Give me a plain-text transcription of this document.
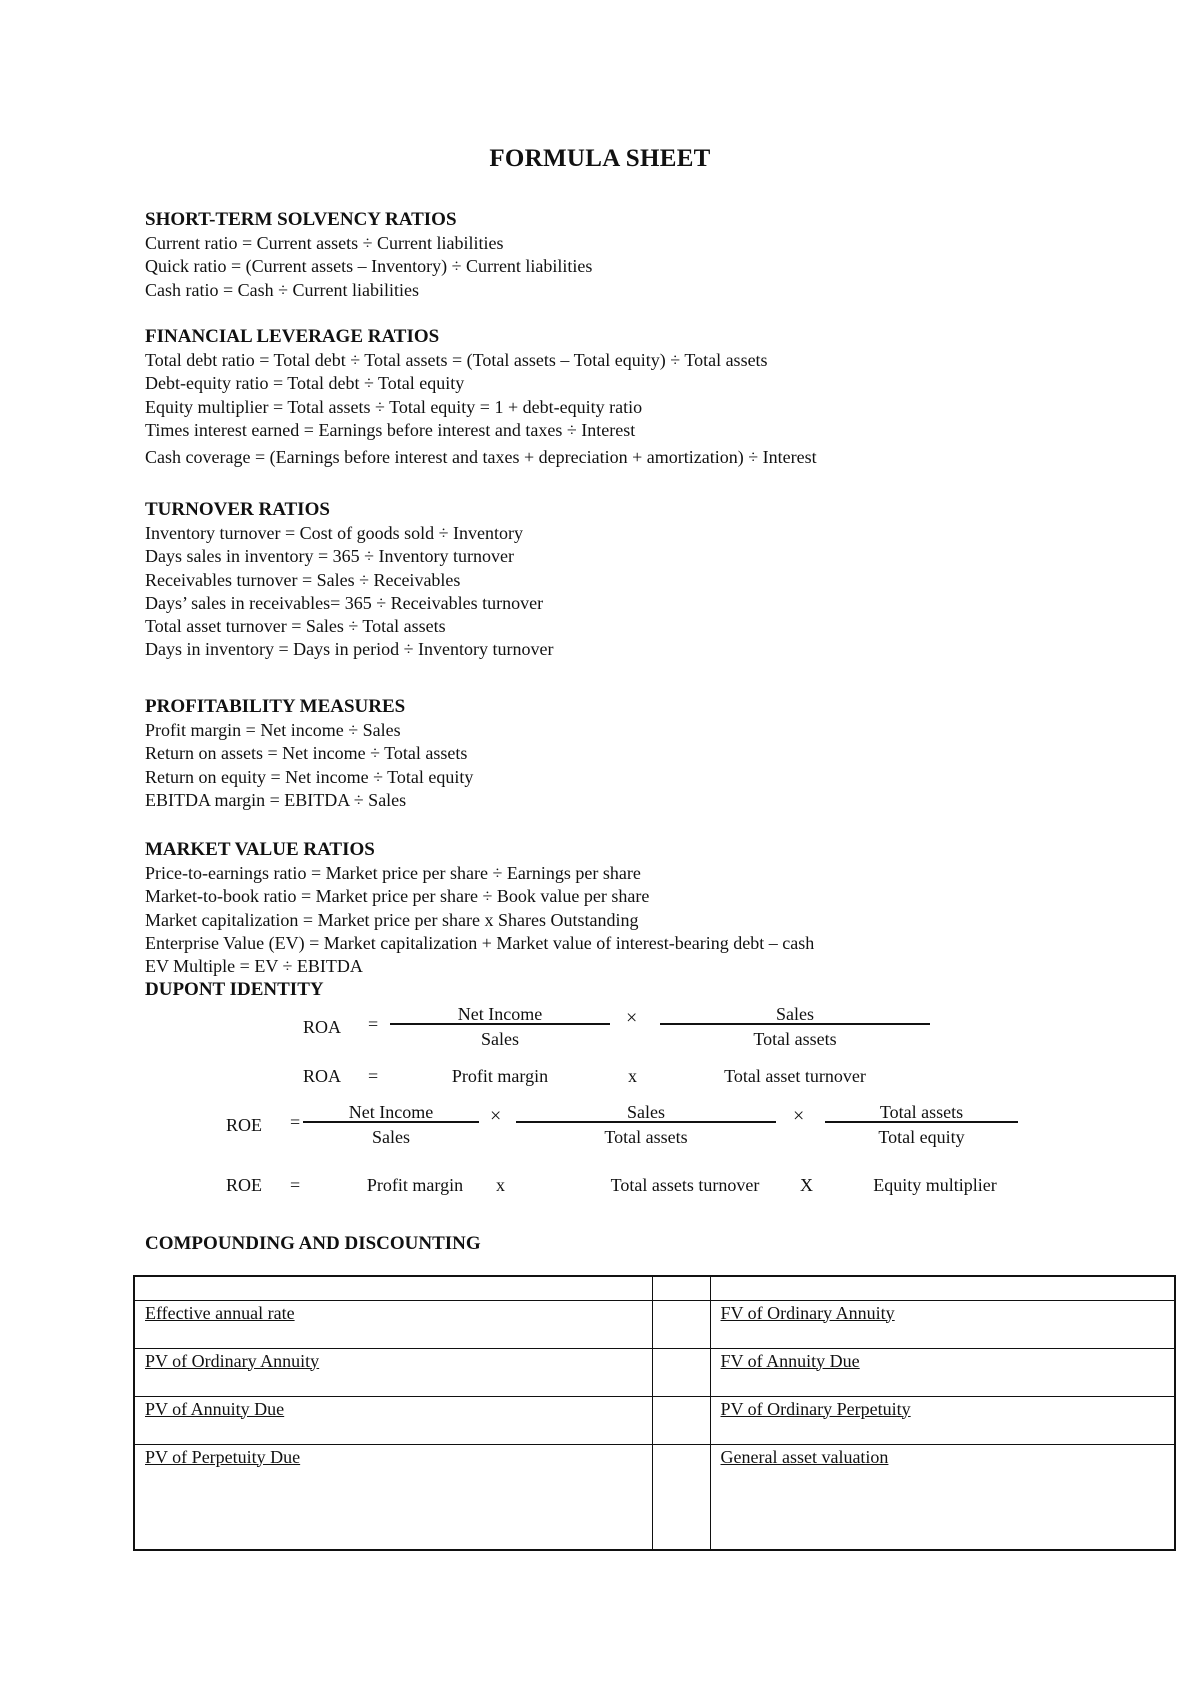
FORMULA SHEET
SHORT-TERM SOLVENCY RATIOS
Current ratio = Current assets ÷ Current liabilities
Quick ratio = (Current assets – Inventory) ÷ Current liabilities
Cash ratio = Cash ÷ Current liabilities
FINANCIAL LEVERAGE RATIOS
Total debt ratio = Total debt ÷ Total assets = (Total assets – Total equity) ÷ Total assets
Debt-equity ratio = Total debt ÷ Total equity
Equity multiplier = Total assets ÷ Total equity = 1 + debt-equity ratio
Times interest earned = Earnings before interest and taxes ÷ Interest
Cash coverage = (Earnings before interest and taxes + depreciation + amortization) ÷ Interest
TURNOVER RATIOS
Inventory turnover = Cost of goods sold ÷ Inventory
Days sales in inventory = 365 ÷ Inventory turnover
Receivables turnover = Sales ÷ Receivables
Days’ sales in receivables= 365 ÷ Receivables turnover
Total asset turnover = Sales ÷ Total assets
Days in inventory = Days in period ÷ Inventory turnover
PROFITABILITY MEASURES
Profit margin = Net income ÷ Sales
Return on assets = Net income ÷ Total assets
Return on equity = Net income ÷ Total equity
EBITDA margin = EBITDA ÷ Sales
MARKET VALUE RATIOS
Price-to-earnings ratio = Market price per share ÷ Earnings per share
Market-to-book ratio = Market price per share ÷ Book value per share
Market capitalization = Market price per share x Shares Outstanding
Enterprise Value (EV) = Market capitalization + Market value of interest-bearing debt – cash
EV Multiple = EV ÷ EBITDA
DUPONT IDENTITY
ROA =	Net Income
Sales
×	Sales
Total assets
ROA =	Profit margin	x	Total asset turnover
ROE =	Net Income
Sales
×	Sales
Total assets
×	Total assets
Total equity
ROE =	Profit margin	x	Total assets turnover	X	Equity multiplier
COMPOUNDING AND DISCOUNTING

Effective annual rate		FV of Ordinary Annuity
PV of Ordinary Annuity		FV of Annuity Due
PV of Annuity Due		PV of Ordinary Perpetuity
PV of Perpetuity Due		General asset valuation
